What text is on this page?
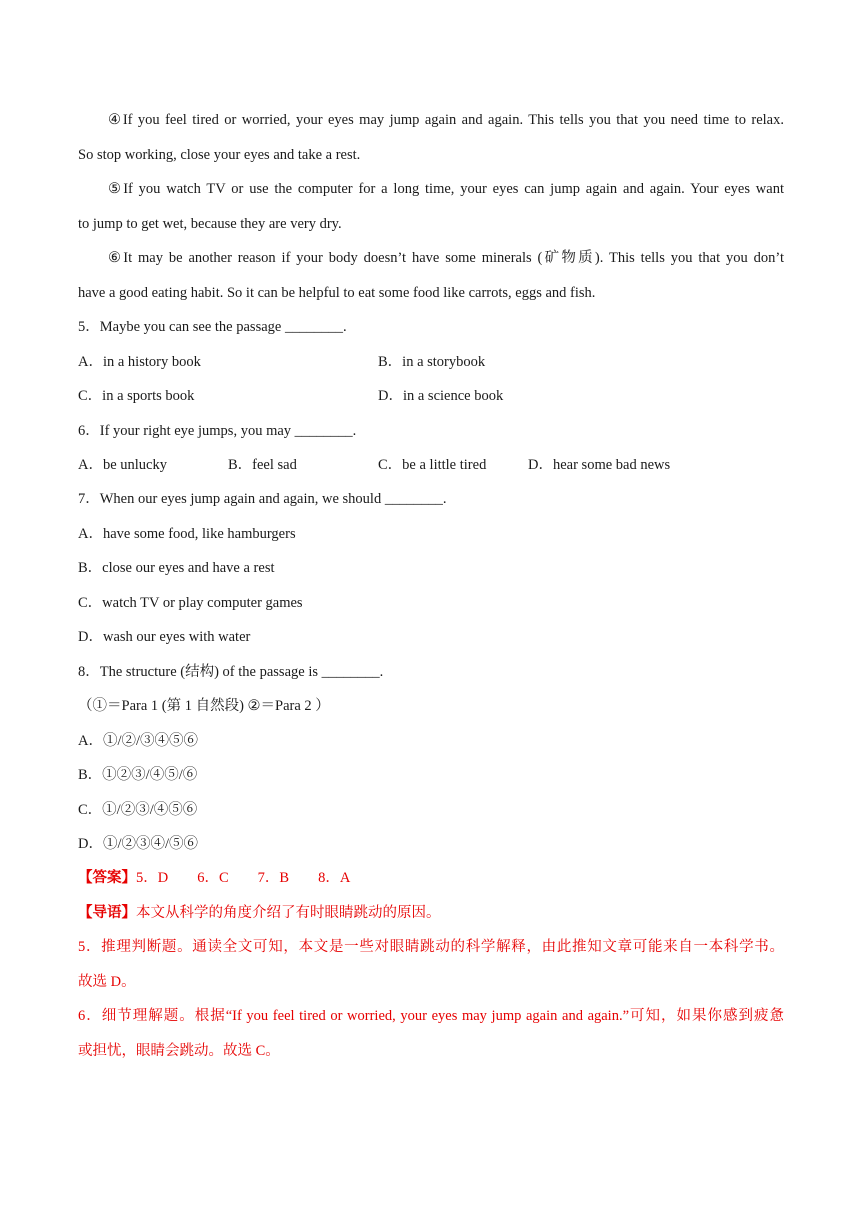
④If you feel tired or worried, your eyes may jump again and again. This tells you that you need time to relax.
So stop working, close your eyes and take a rest.
⑤If you watch TV or use the computer for a long time, your eyes can jump again and again. Your eyes want
to jump to get wet, because they are very dry.
⑥It may be another reason if your body doesn’t have some minerals (矿物质). This tells you that you don’t
have a good eating habit. So it can be helpful to eat some food like carrots, eggs and fish.
5．Maybe you can see the passage ________.
A．in a history book	B．in a storybook
C．in a sports book	D．in a science book
6．If your right eye jumps, you may ________.
A．be unlucky	B．feel sad	C．be a little tired	D．hear some bad news
7．When our eyes jump again and again, we should ________.
A．have some food, like hamburgers
B．close our eyes and have a rest
C．watch TV or play computer games
D．wash our eyes with water
8．The structure (结构) of the passage is ________.
（①＝Para 1 (第 1 自然段) ②＝Para 2 ）
A．①/②/③④⑤⑥
B．①②③/④⑤/⑥
C．①/②③/④⑤⑥
D．①/②③④/⑤⑥
【答案】5．D　　6．C　　7．B　　8．A
【导语】本文从科学的角度介绍了有时眼睛跳动的原因。
5．推理判断题。通读全文可知，本文是一些对眼睛跳动的科学解释，由此推知文章可能来自一本科学书。
故选 D。
6．细节理解题。根据“If you feel tired or worried, your eyes may jump again and again.”可知，如果你感到疲惫
或担忧，眼睛会跳动。故选 C。
